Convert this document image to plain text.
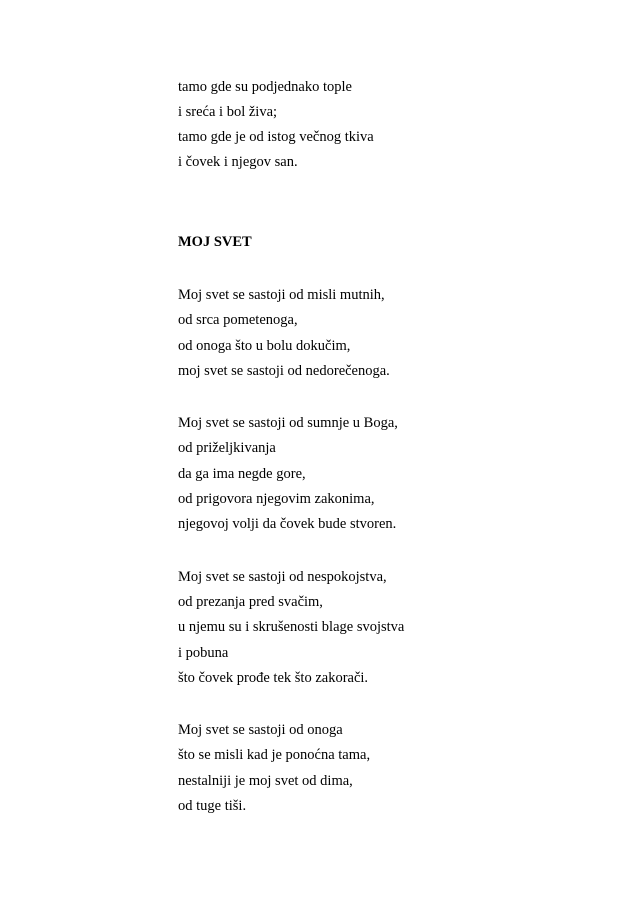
tamo gde su podjednako tople
i sreća i bol živa;
tamo gde je od istog večnog tkiva
i čovek i njegov san.
MOJ SVET
Moj svet se sastoji od misli mutnih,
od srca pometenoga,
od onoga što u bolu dokučim,
moj svet se sastoji od nedorečenoga.
Moj svet se sastoji od sumnje u Boga,
od priželjkivanja
da ga ima negde gore,
od prigovora njegovim zakonima,
njegovoj volji da čovek bude stvoren.
Moj svet se sastoji od nespokojstva,
od prezanja pred svačim,
u njemu su i skrušenosti blage svojstva
i pobuna
što čovek prođe tek što zakorači.
Moj svet se sastoji od onoga
što se misli kad je ponoćna tama,
nestalniji je moj svet od dima,
od tuge tiši.
